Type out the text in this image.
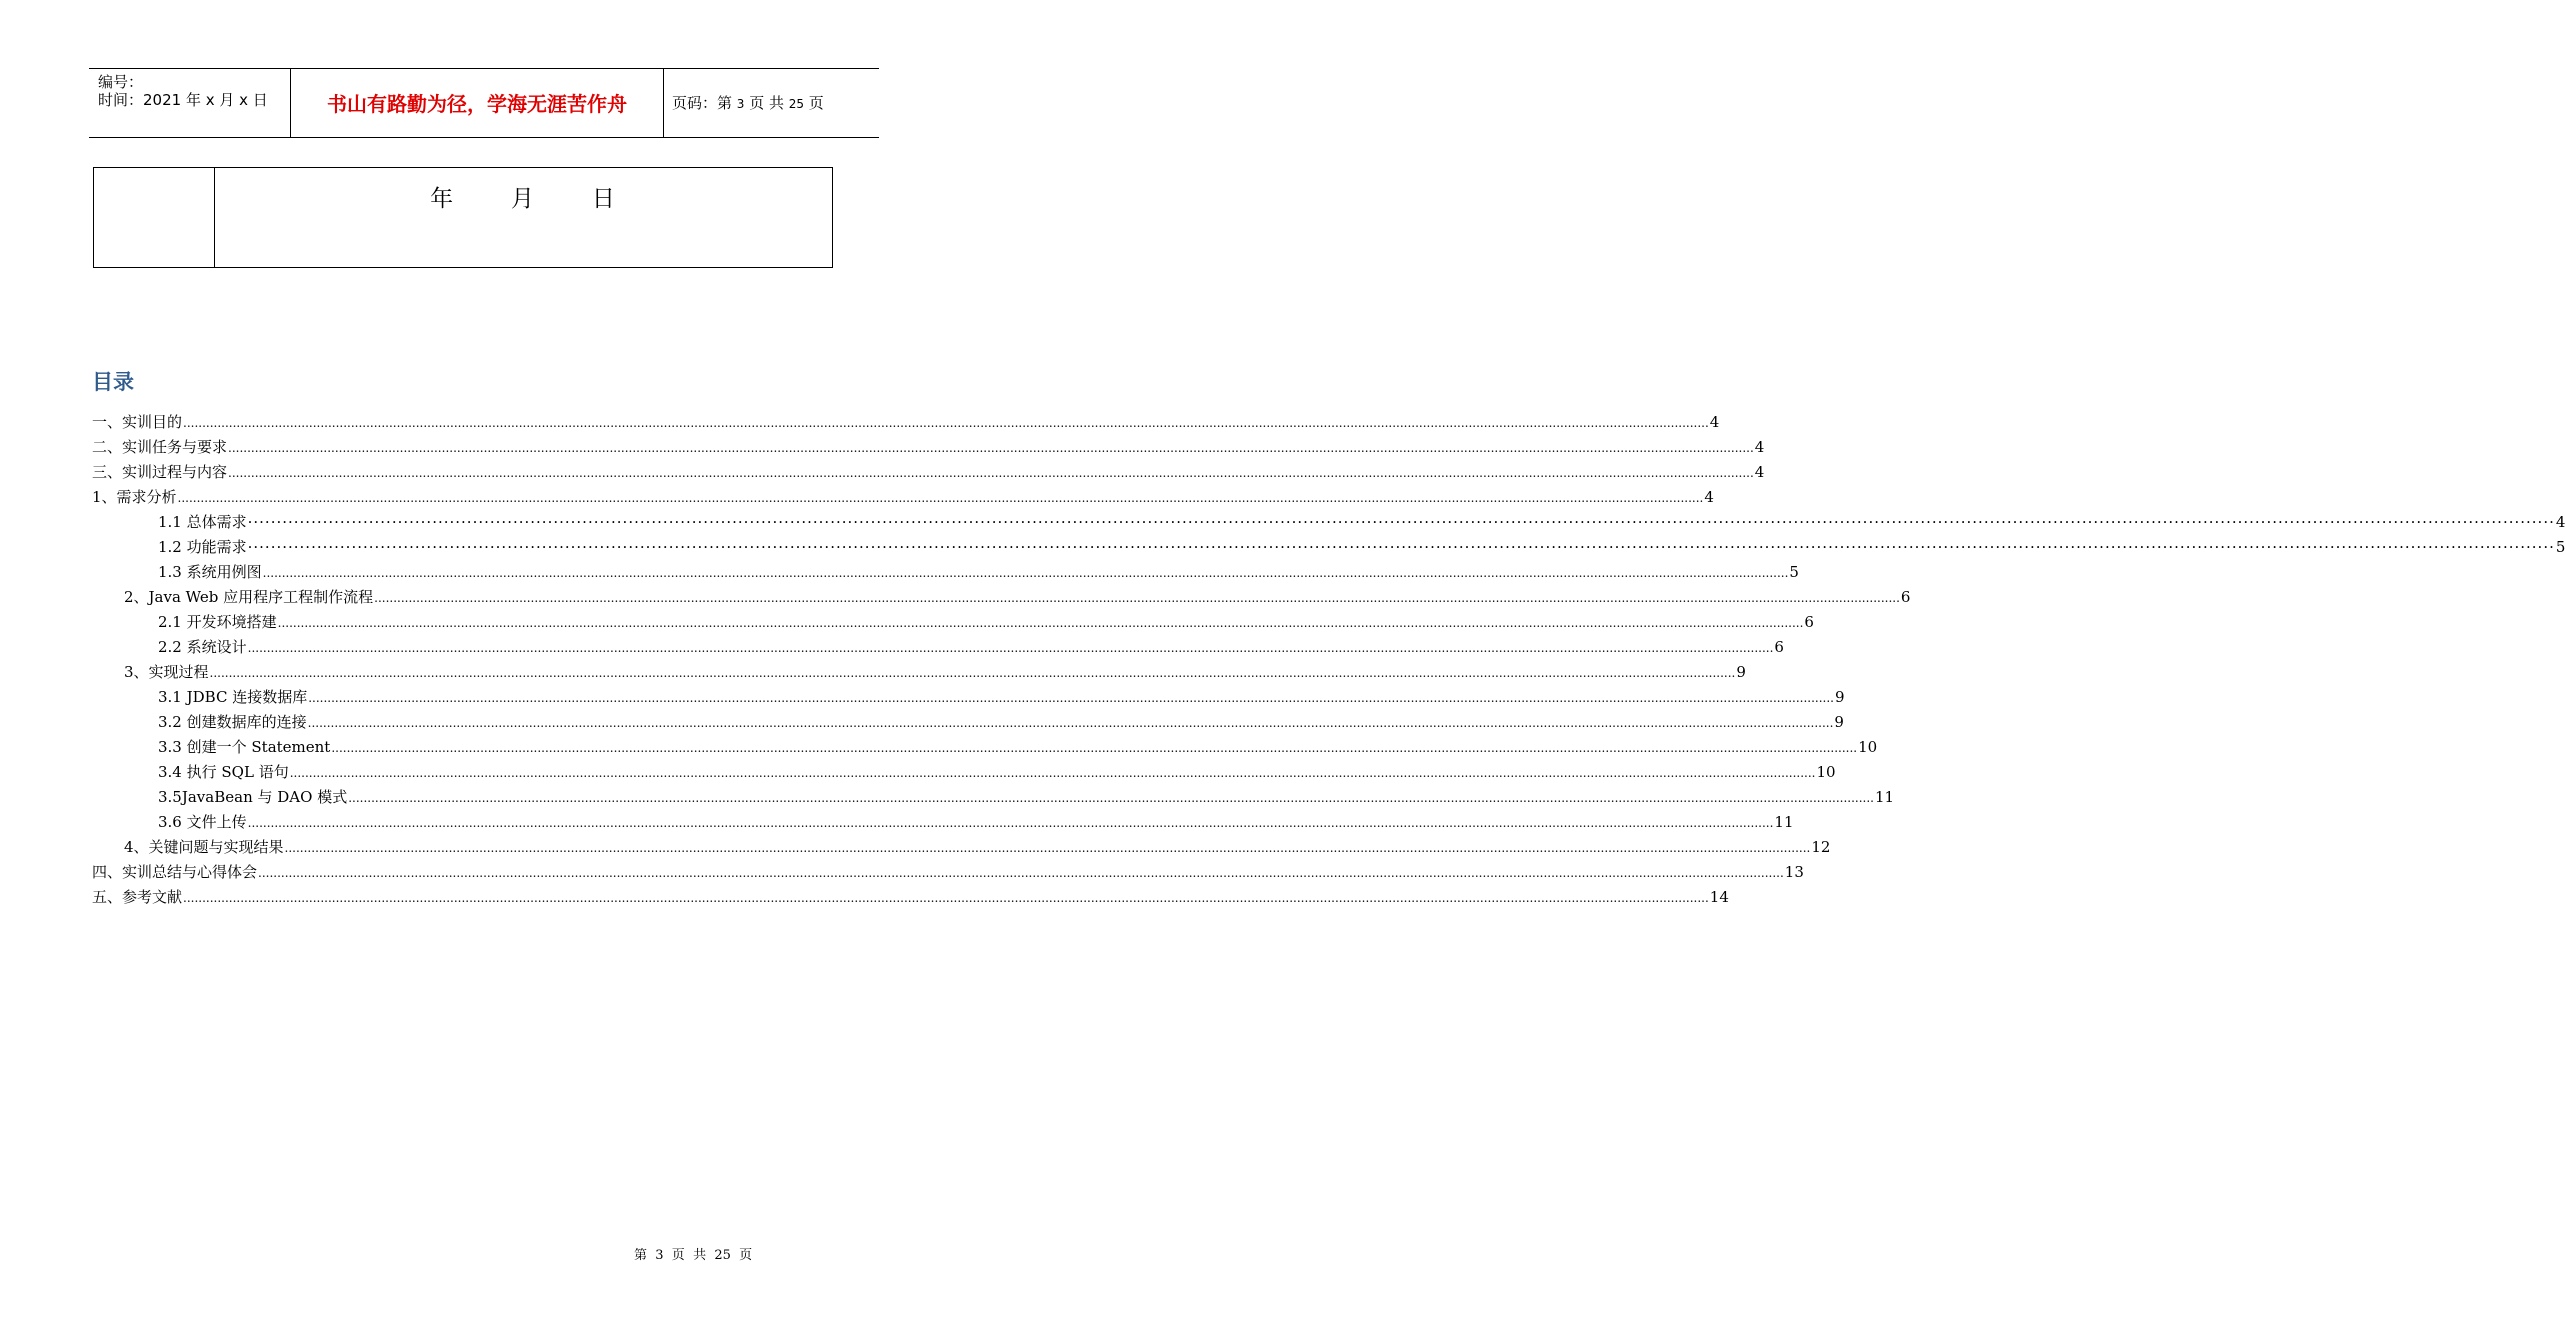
编号：
时间：2021 年 x 月 x 日	书山有路勤为径，学海无涯苦作舟	页码：第 3 页 共 25 页
年      月      日
目录
一、实训目的 ................................................................................................................................................................................................................................................................................................................................................................................................................ 4
二、实训任务与要求 ................................................................................................................................................................................................................................................................................................................................................................................................................ 4
三、实训过程与内容 ................................................................................................................................................................................................................................................................................................................................................................................................................ 4
1、需求分析 ................................................................................................................................................................................................................................................................................................................................................................................................................ 4
1.1 总体需求 ················································································································································································································································································································································································································ 4
1.2 功能需求 ················································································································································································································································································································································································································ 5
1.3 系统用例图 ................................................................................................................................................................................................................................................................................................................................................................................................................ 5
2、Java Web 应用程序工程制作流程 ................................................................................................................................................................................................................................................................................................................................................................................................................ 6
2.1 开发环境搭建 ................................................................................................................................................................................................................................................................................................................................................................................................................ 6
2.2 系统设计 ................................................................................................................................................................................................................................................................................................................................................................................................................ 6
3、实现过程 ................................................................................................................................................................................................................................................................................................................................................................................................................ 9
3.1 JDBC 连接数据库 ................................................................................................................................................................................................................................................................................................................................................................................................................ 9
3.2 创建数据库的连接 ................................................................................................................................................................................................................................................................................................................................................................................................................ 9
3.3 创建一个 Statement ................................................................................................................................................................................................................................................................................................................................................................................................................ 10
3.4 执行 SQL 语句 ................................................................................................................................................................................................................................................................................................................................................................................................................ 10
3.5JavaBean 与 DAO 模式 ................................................................................................................................................................................................................................................................................................................................................................................................................ 11
3.6 文件上传 ................................................................................................................................................................................................................................................................................................................................................................................................................ 11
4、关键问题与实现结果 ................................................................................................................................................................................................................................................................................................................................................................................................................ 12
四、实训总结与心得体会 ................................................................................................................................................................................................................................................................................................................................................................................................................ 13
五、参考文献 ................................................................................................................................................................................................................................................................................................................................................................................................................ 14
第  3  页  共  25  页
